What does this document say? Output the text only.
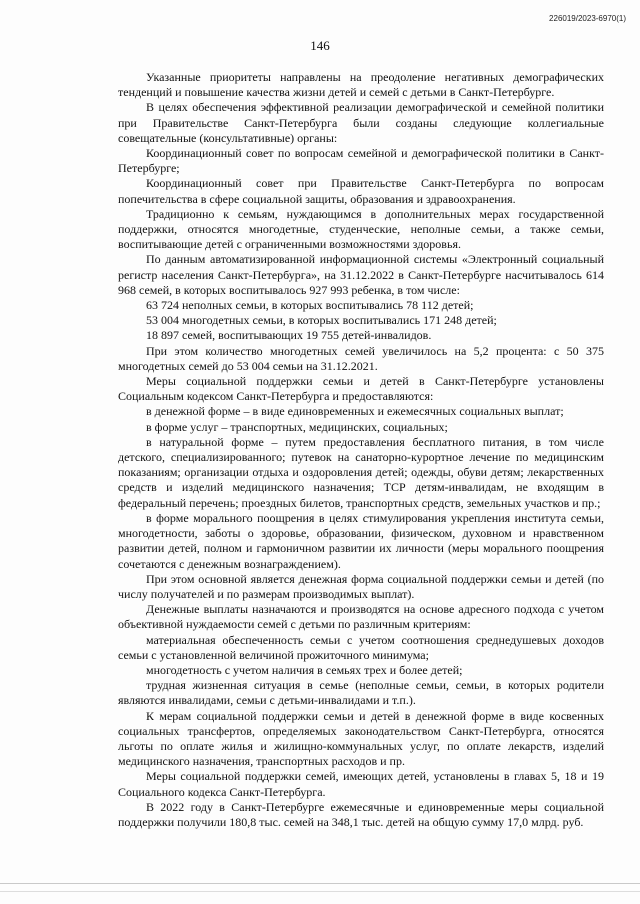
226019/2023-6970(1)
146

Указанные приоритеты направлены на преодоление негативных демографических тенденций и повышение качества жизни детей и семей с детьми в Санкт-Петербурге.

В целях обеспечения эффективной реализации демографической и семейной политики при Правительстве Санкт-Петербурга были созданы следующие коллегиальные совещательные (консультативные) органы:

Координационный совет по вопросам семейной и демографической политики в Санкт-Петербурге;

Координационный совет при Правительстве Санкт-Петербурга по вопросам попечительства в сфере социальной защиты, образования и здравоохранения.

Традиционно к семьям, нуждающимся в дополнительных мерах государственной поддержки, относятся многодетные, студенческие, неполные семьи, а также семьи, воспитывающие детей с ограниченными возможностями здоровья.

По данным автоматизированной информационной системы «Электронный социальный регистр населения Санкт-Петербурга», на 31.12.2022 в Санкт-Петербурге насчитывалось 614 968 семей, в которых воспитывалось 927 993 ребенка, в том числе:

63 724 неполных семьи, в которых воспитывались 78 112 детей;

53 004 многодетных семьи, в которых воспитывались 171 248 детей;

18 897 семей, воспитывающих 19 755 детей-инвалидов.

При этом количество многодетных семей увеличилось на 5,2 процента: с 50 375 многодетных семей до 53 004 семьи на 31.12.2021.

Меры социальной поддержки семьи и детей в Санкт-Петербурге установлены Социальным кодексом Санкт-Петербурга и предоставляются:

в денежной форме – в виде единовременных и ежемесячных социальных выплат;

в форме услуг – транспортных, медицинских, социальных;

в натуральной форме – путем предоставления бесплатного питания, в том числе детского, специализированного; путевок на санаторно-курортное лечение по медицинским показаниям; организации отдыха и оздоровления детей; одежды, обуви детям; лекарственных средств и изделий медицинского назначения; ТСР детям-инвалидам, не входящим в федеральный перечень; проездных билетов, транспортных средств, земельных участков и пр.;

в форме морального поощрения в целях стимулирования укрепления института семьи, многодетности, заботы о здоровье, образовании, физическом, духовном и нравственном развитии детей, полном и гармоничном развитии их личности (меры морального поощрения сочетаются с денежным вознаграждением).

При этом основной является денежная форма социальной поддержки семьи и детей (по числу получателей и по размерам производимых выплат).

Денежные выплаты назначаются и производятся на основе адресного подхода с учетом объективной нуждаемости семей с детьми по различным критериям:

материальная обеспеченность семьи с учетом соотношения среднедушевых доходов семьи с установленной величиной прожиточного минимума;

многодетность с учетом наличия в семьях трех и более детей;

трудная жизненная ситуация в семье (неполные семьи, семьи, в которых родители являются инвалидами, семьи с детьми-инвалидами и т.п.).

К мерам социальной поддержки семьи и детей в денежной форме в виде косвенных социальных трансфертов, определяемых законодательством Санкт-Петербурга, относятся льготы по оплате жилья и жилищно-коммунальных услуг, по оплате лекарств, изделий медицинского назначения, транспортных расходов и пр.

Меры социальной поддержки семей, имеющих детей, установлены в главах 5, 18 и 19 Социального кодекса Санкт-Петербурга.

В 2022 году в Санкт-Петербурге ежемесячные и единовременные меры социальной поддержки получили 180,8 тыс. семей на 348,1 тыс. детей на общую сумму 17,0 млрд. руб.
